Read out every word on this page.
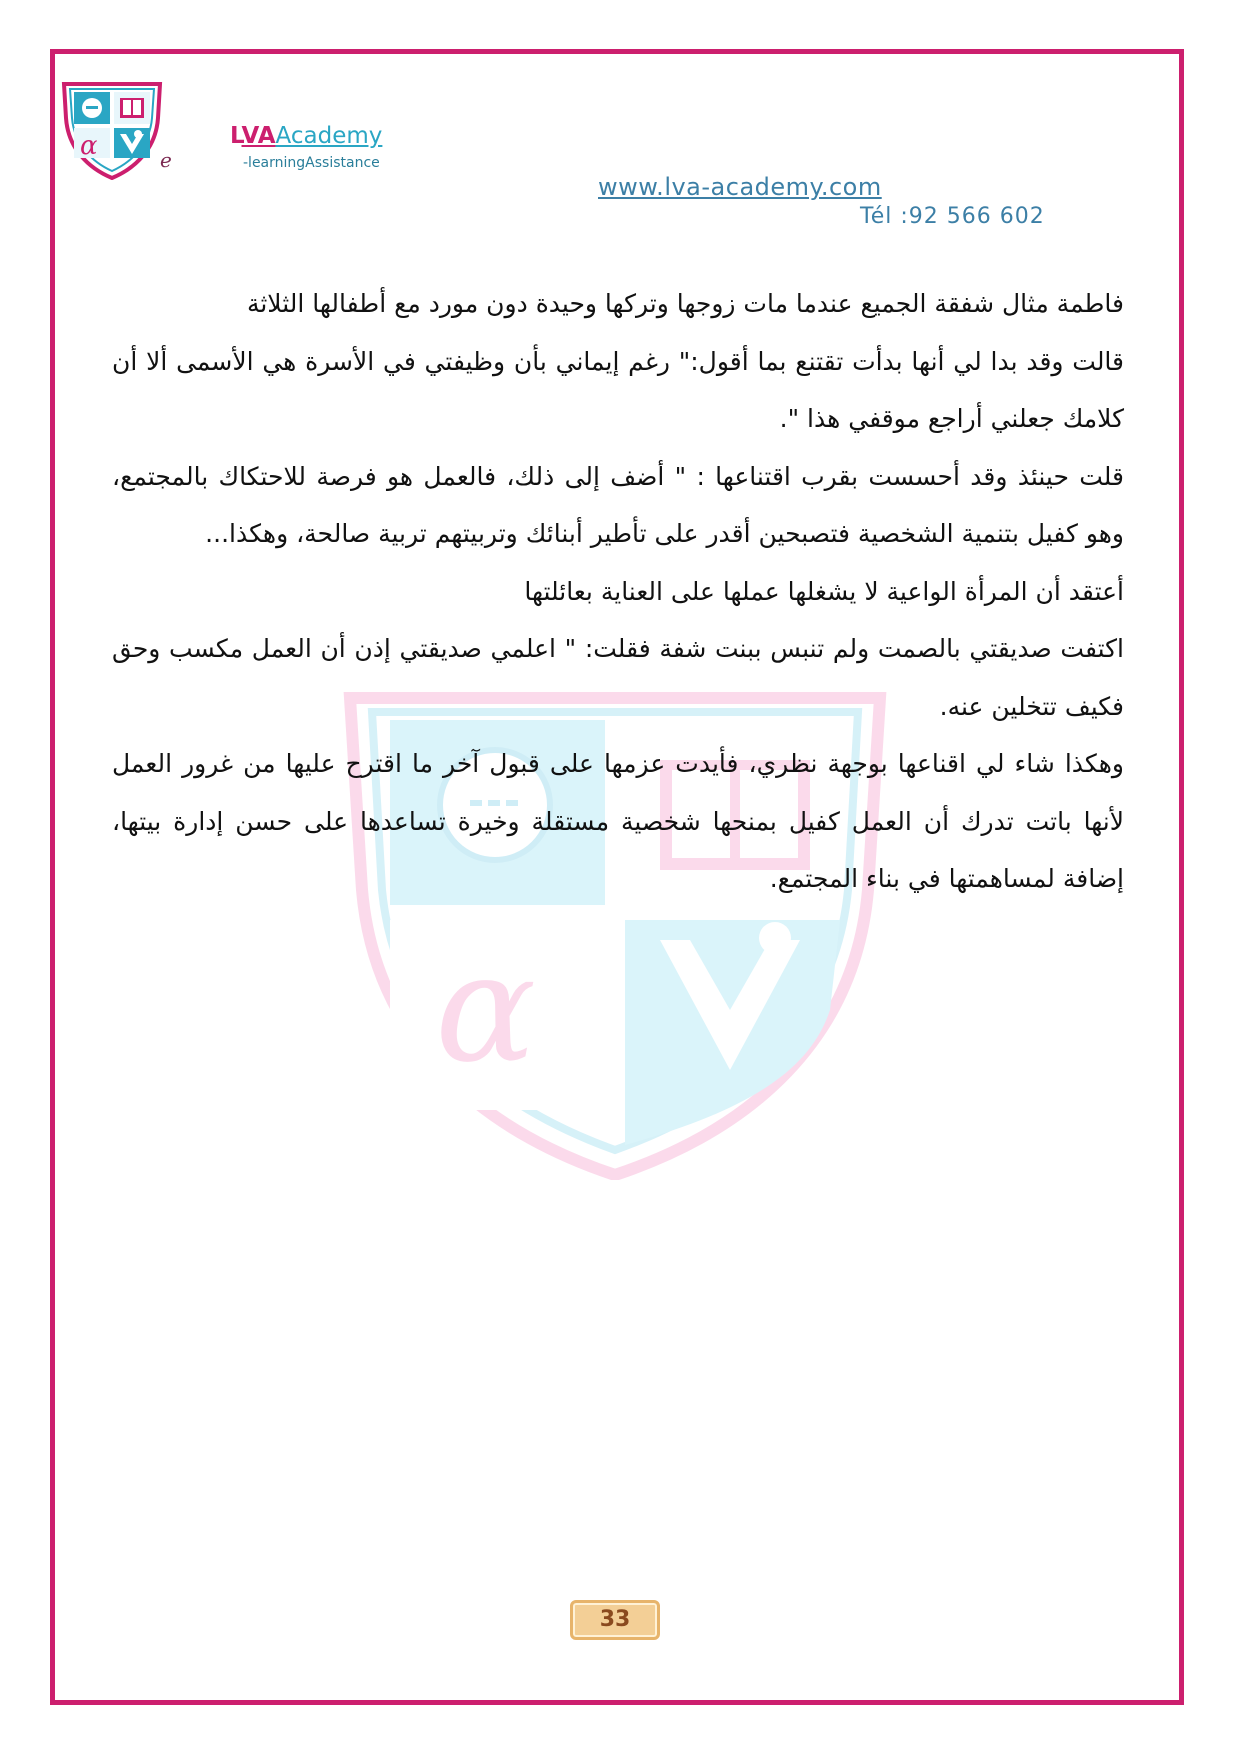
α	e
LVAAcademy
-learningAssistance
www.lva-academy.com
Tél :92 566 602
α

فاطمة مثال شفقة الجميع عندما مات زوجها وتركها وحيدة دون مورد مع أطفالها الثلاثة

قالت وقد بدا لي أنها بدأت تقتنع بما أقول:" رغم إيماني بأن وظيفتي في الأسرة هي الأسمى ألا أن كلامك جعلني أراجع موقفي هذا ".

قلت حينئذ وقد أحسست بقرب اقتناعها : " أضف إلى ذلك، فالعمل هو فرصة للاحتكاك بالمجتمع، وهو كفيل بتنمية الشخصية فتصبحين أقدر على تأطير أبنائك وتربيتهم تربية صالحة، وهكذا...

أعتقد أن المرأة الواعية لا يشغلها عملها على العناية بعائلتها

اكتفت صديقتي بالصمت ولم تنبس ببنت شفة فقلت: " اعلمي صديقتي إذن أن العمل مكسب وحق فكيف تتخلين عنه.

وهكذا شاء لي اقناعها بوجهة نظري، فأيدت عزمها على قبول آخر ما اقترح عليها من غرور العمل لأنها باتت تدرك أن العمل كفيل بمنحها شخصية مستقلة وخيرة تساعدها على حسن إدارة بيتها، إضافة لمساهمتها في بناء المجتمع.

33
